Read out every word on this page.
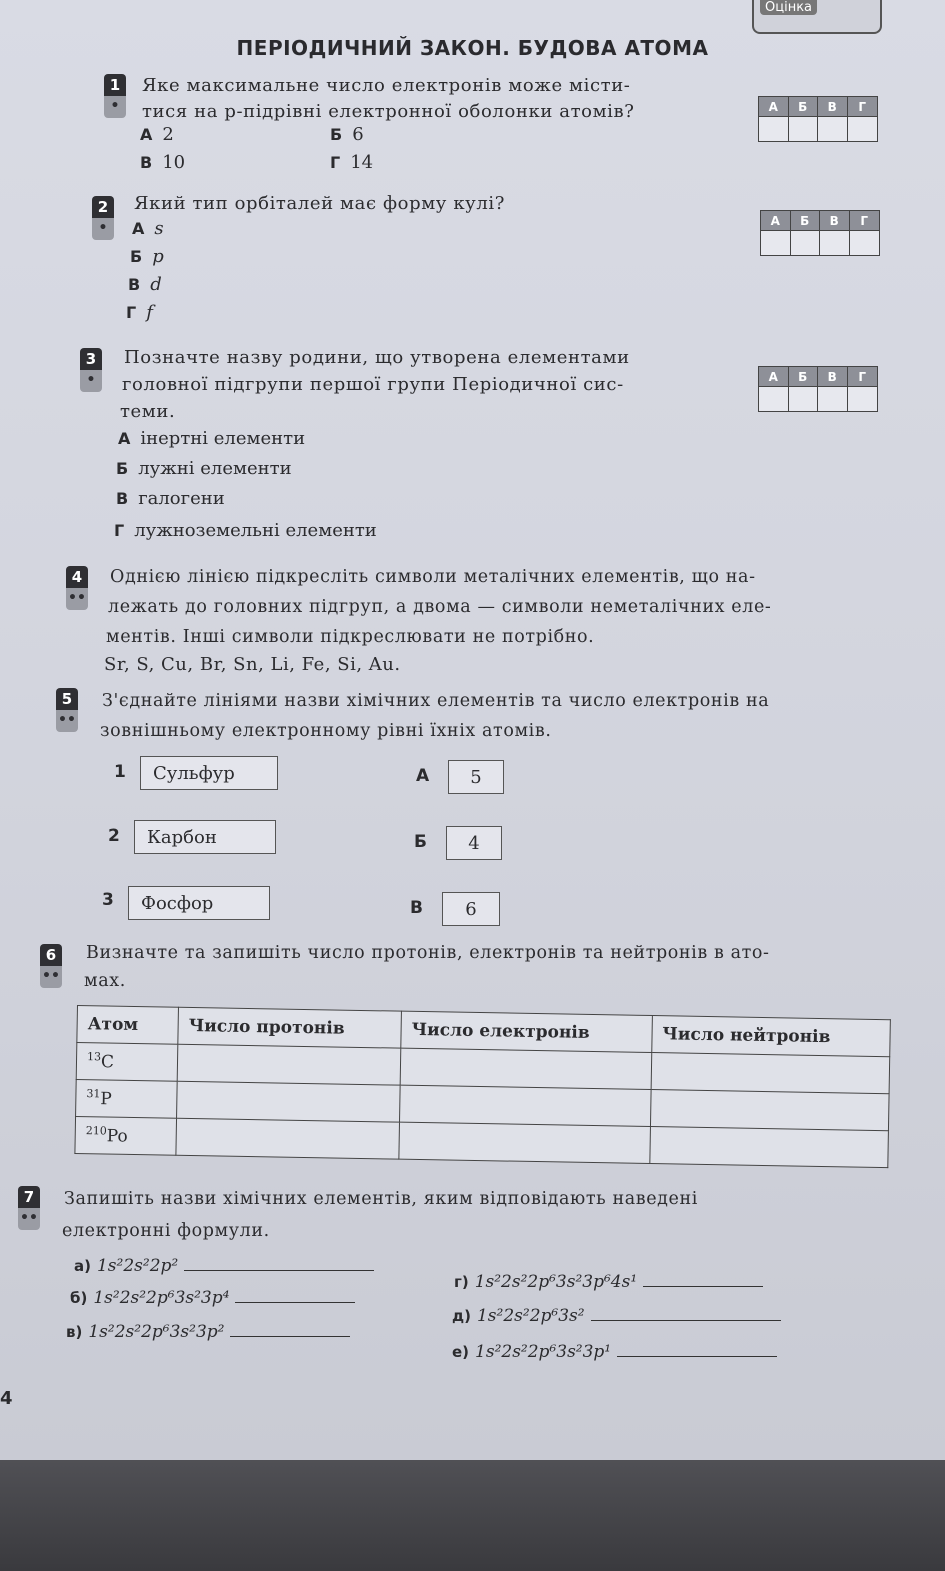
Оцінка
ПЕРІОДИЧНИЙ ЗАКОН. БУДОВА АТОМА
1
•
Яке максимальне число електронів може місти-
тися на p-підрівні електронної оболонки атомів?
А 2	Б 6
В 10	Г 14
А	Б	В	Г
2
•
Який тип орбіталей має форму кулі?
А s
Б p
В d
Г f
А	Б	В	Г
3
•
Позначте назву родини, що утворена елементами
головної підгрупи першої групи Періодичної сис-
теми.
А інертні елементи
Б лужні елементи
В галогени
Г лужноземельні елементи
А	Б	В	Г
4
••
Однією лінією підкресліть символи металічних елементів, що на-
лежать до головних підгруп, а двома — символи неметалічних еле-
ментів. Інші символи підкреслювати не потрібно.
Sr, S, Cu, Br, Sn, Li, Fe, Si, Au.
5
••
З'єднайте лініями назви хімічних елементів та число електронів на
зовнішньому електронному рівні їхніх атомів.
1	Сульфур	А	5
2	Карбон	Б	4
3	Фосфор	В	6
6
••
Визначте та запишіть число протонів, електронів та нейтронів в ато-
мах.
Атом	Число протонів	Число електронів	Число нейтронів
$^{13}$C			
$^{31}$P			
$^{210}$Po			
7
••
Запишіть назви хімічних елементів, яким відповідають наведені
електронні формули.
а) 1s²2s²2p²
б) 1s²2s²2p⁶3s²3p⁴
в) 1s²2s²2p⁶3s²3p²
г) 1s²2s²2p⁶3s²3p⁶4s¹
д) 1s²2s²2p⁶3s²
е) 1s²2s²2p⁶3s²3p¹
4
